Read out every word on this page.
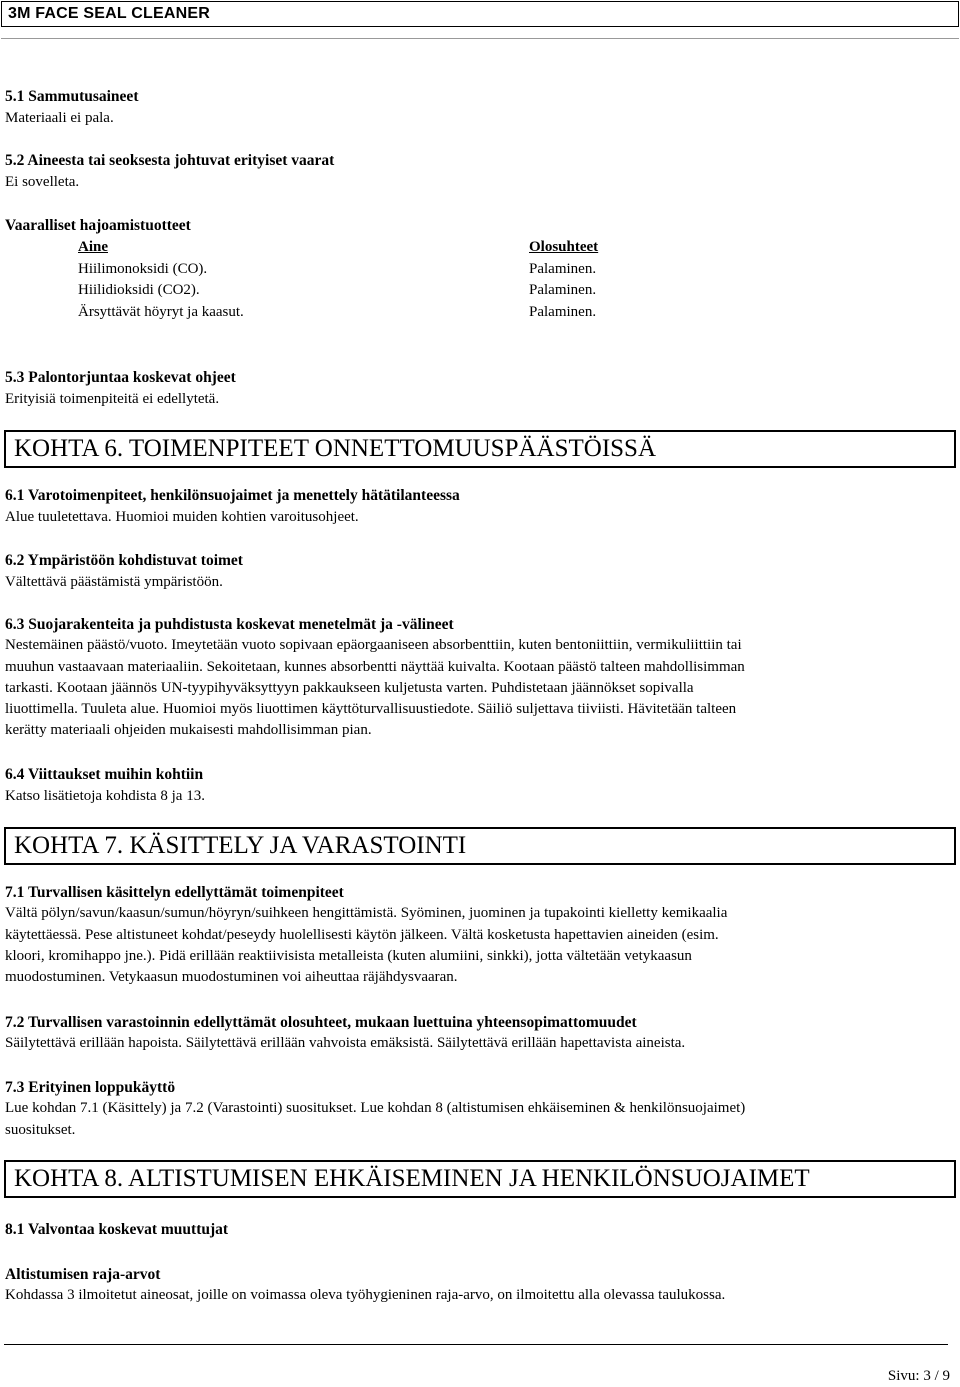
3M FACE SEAL CLEANER
5.1 Sammutusaineet
Materiaali ei pala.
5.2 Aineesta tai seoksesta johtuvat erityiset vaarat
Ei sovelleta.
Vaaralliset hajoamistuotteet
Aine
Hiilimonoksidi (CO).
Hiilidioksidi (CO2).
Ärsyttävät höyryt ja kaasut.
Olosuhteet
Palaminen.
Palaminen.
Palaminen.
5.3 Palontorjuntaa koskevat ohjeet
Erityisiä toimenpiteitä ei edellytetä.
KOHTA 6. TOIMENPITEET ONNETTOMUUSPÄÄSTÖISSÄ
6.1 Varotoimenpiteet, henkilönsuojaimet ja menettely hätätilanteessa
Alue tuuletettava. Huomioi muiden kohtien varoitusohjeet.
6.2 Ympäristöön kohdistuvat toimet
Vältettävä päästämistä ympäristöön.
6.3 Suojarakenteita ja puhdistusta koskevat menetelmät ja -välineet
Nestemäinen päästö/vuoto. Imeytetään vuoto sopivaan epäorgaaniseen absorbenttiin, kuten bentoniittiin, vermikuliittiin tai
muuhun vastaavaan materiaaliin. Sekoitetaan, kunnes absorbentti näyttää kuivalta. Kootaan päästö talteen mahdollisimman
tarkasti. Kootaan jäännös UN-tyypihyväksyttyyn pakkaukseen kuljetusta varten. Puhdistetaan jäännökset sopivalla
liuottimella. Tuuleta alue. Huomioi myös liuottimen käyttöturvallisuustiedote. Säiliö suljettava tiiviisti. Hävitetään talteen
kerätty materiaali ohjeiden mukaisesti mahdollisimman pian.
6.4 Viittaukset muihin kohtiin
Katso lisätietoja kohdista 8 ja 13.
KOHTA 7. KÄSITTELY JA VARASTOINTI
7.1 Turvallisen käsittelyn edellyttämät toimenpiteet
Vältä pölyn/savun/kaasun/sumun/höyryn/suihkeen hengittämistä. Syöminen, juominen ja tupakointi kielletty kemikaalia
käytettäessä. Pese altistuneet kohdat/peseydy huolellisesti käytön jälkeen. Vältä kosketusta hapettavien aineiden (esim.
kloori, kromihappo jne.). Pidä erillään reaktiivisista metalleista (kuten alumiini, sinkki), jotta vältetään vetykaasun
muodostuminen. Vetykaasun muodostuminen voi aiheuttaa räjähdysvaaran.
7.2 Turvallisen varastoinnin edellyttämät olosuhteet, mukaan luettuina yhteensopimattomuudet
Säilytettävä erillään hapoista. Säilytettävä erillään vahvoista emäksistä. Säilytettävä erillään hapettavista aineista.
7.3 Erityinen loppukäyttö
Lue kohdan 7.1 (Käsittely) ja 7.2 (Varastointi) suositukset. Lue kohdan 8 (altistumisen ehkäiseminen & henkilönsuojaimet)
suositukset.
KOHTA 8. ALTISTUMISEN EHKÄISEMINEN JA HENKILÖNSUOJAIMET
8.1 Valvontaa koskevat muuttujat
Altistumisen raja-arvot
Kohdassa 3 ilmoitetut aineosat, joille on voimassa oleva työhygieninen raja-arvo, on ilmoitettu alla olevassa taulukossa.
Sivu: 3 / 9
